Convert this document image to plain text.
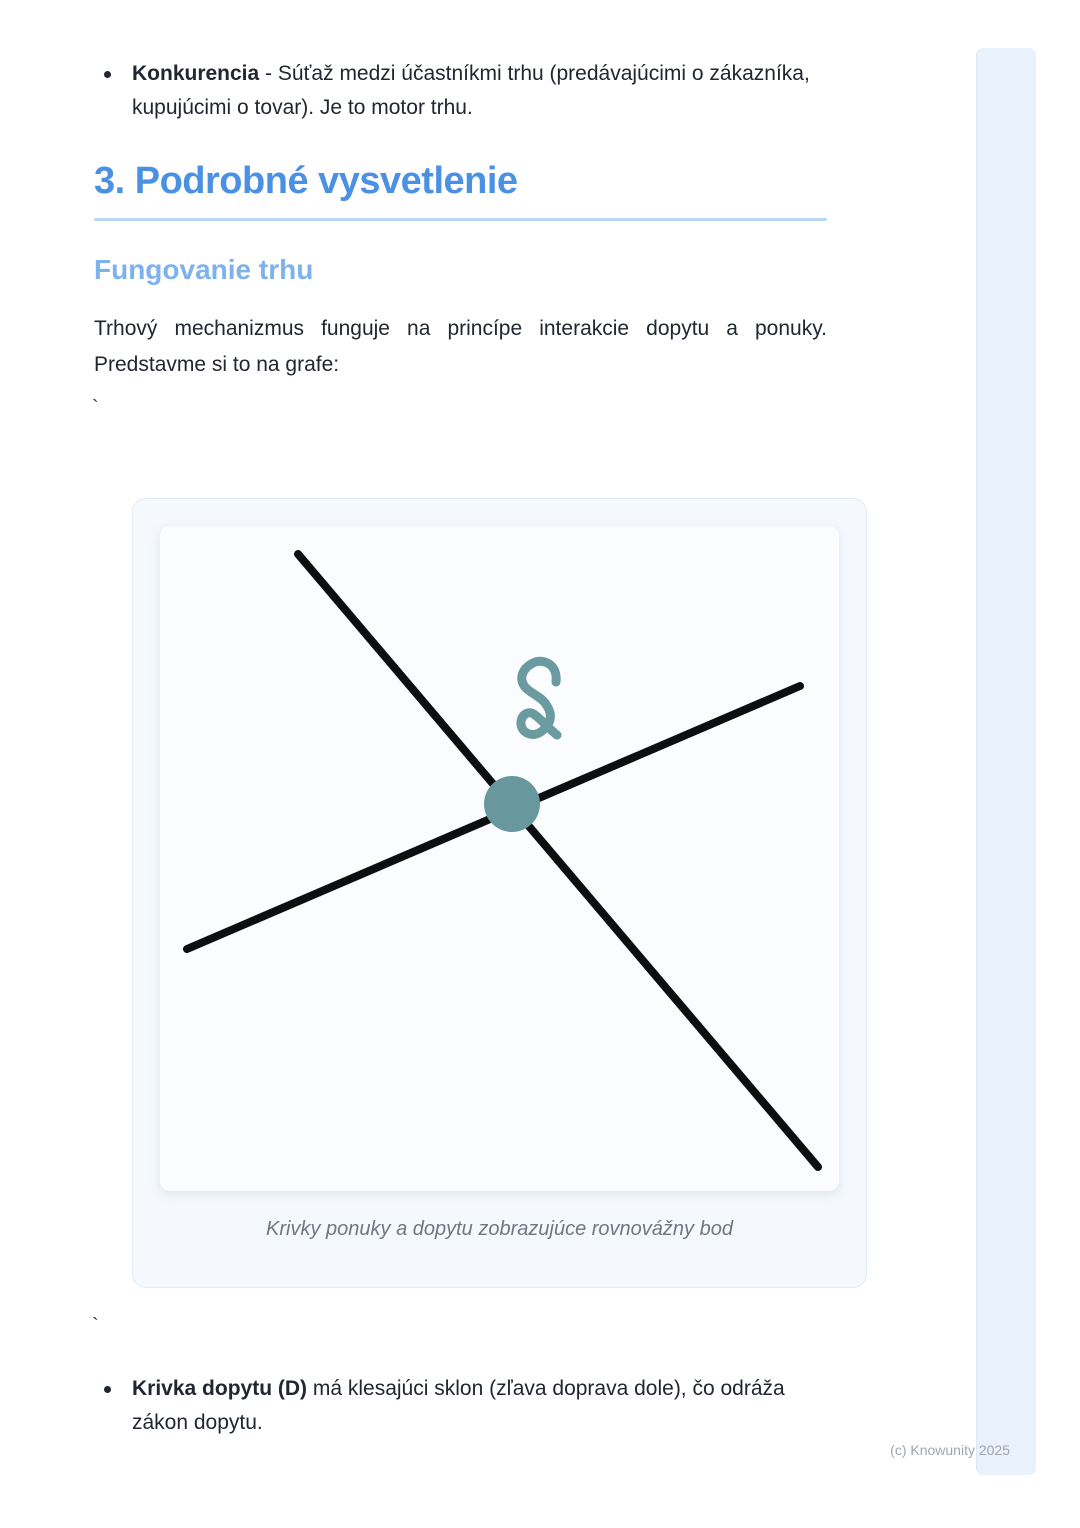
Konkurencia - Súťaž medzi účastníkmi trhu (predávajúcimi o zákazníka, kupujúcimi o tovar). Je to motor trhu.
3. Podrobné vysvetlenie
Fungovanie trhu

Trhový mechanizmus funguje na princípe interakcie dopytu a ponuky. Predstavme si to na grafe:

`

Krivky ponuky a dopytu zobrazujúce rovnovážny bod

`

Krivka dopytu (D) má klesajúci sklon (zľava doprava dole), čo odráža zákon dopytu.

(c) Knowunity 2025
